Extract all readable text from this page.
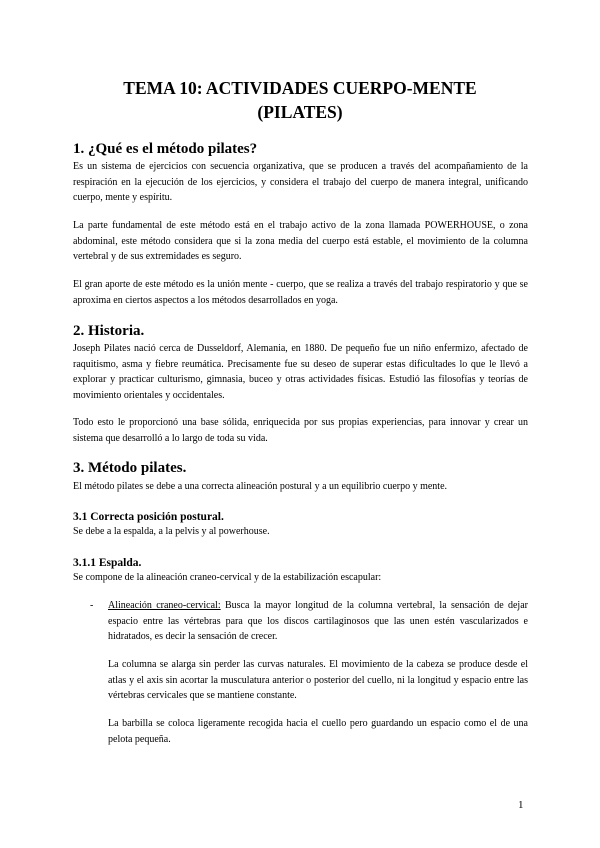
TEMA 10: ACTIVIDADES CUERPO-MENTE
(PILATES)
1. ¿Qué es el método pilates?
Es un sistema de ejercicios con secuencia organizativa, que se producen a través del acompañamiento de la respiración en la ejecución de los ejercicios, y considera el trabajo del cuerpo de manera integral, unificando cuerpo, mente y espíritu.
La parte fundamental de este método está en el trabajo activo de la zona llamada POWERHOUSE, o zona abdominal, este método considera que si la zona media del cuerpo está estable, el movimiento de la columna vertebral y de sus extremidades es seguro.
El gran aporte de este método es la unión mente - cuerpo, que se realiza a través del trabajo respiratorio y que se aproxima en ciertos aspectos a los métodos desarrollados en yoga.
2. Historia.
Joseph Pilates nació cerca de Dusseldorf, Alemania, en 1880. De pequeño fue un niño enfermizo, afectado de raquitismo, asma y fiebre reumática. Precisamente fue su deseo de superar estas dificultades lo que le llevó a explorar y practicar culturismo, gimnasia, buceo y otras actividades físicas. Estudió las filosofías y teorías de movimiento orientales y occidentales.
Todo esto le proporcionó una base sólida, enriquecida por sus propias experiencias, para innovar y crear un sistema que desarrolló a lo largo de toda su vida.
3. Método pilates.
El método pilates se debe a una correcta alineación postural y a un equilibrio cuerpo y mente.
3.1 Correcta posición postural.
Se debe a la espalda, a la pelvis y al powerhouse.
3.1.1 Espalda.
Se compone de la alineación craneo-cervical y de la estabilización escapular:
- Alineación craneo-cervical: Busca la mayor longitud de la columna vertebral, la sensación de dejar espacio entre las vértebras para que los discos cartilaginosos que las unen estén vascularizados e hidratados, es decir la sensación de crecer.
La columna se alarga sin perder las curvas naturales. El movimiento de la cabeza se produce desde el atlas y el axis sin acortar la musculatura anterior o posterior del cuello, ni la longitud y espacio entre las vértebras cervicales que se mantiene constante.
La barbilla se coloca ligeramente recogida hacia el cuello pero guardando un espacio como el de una pelota pequeña.
1
